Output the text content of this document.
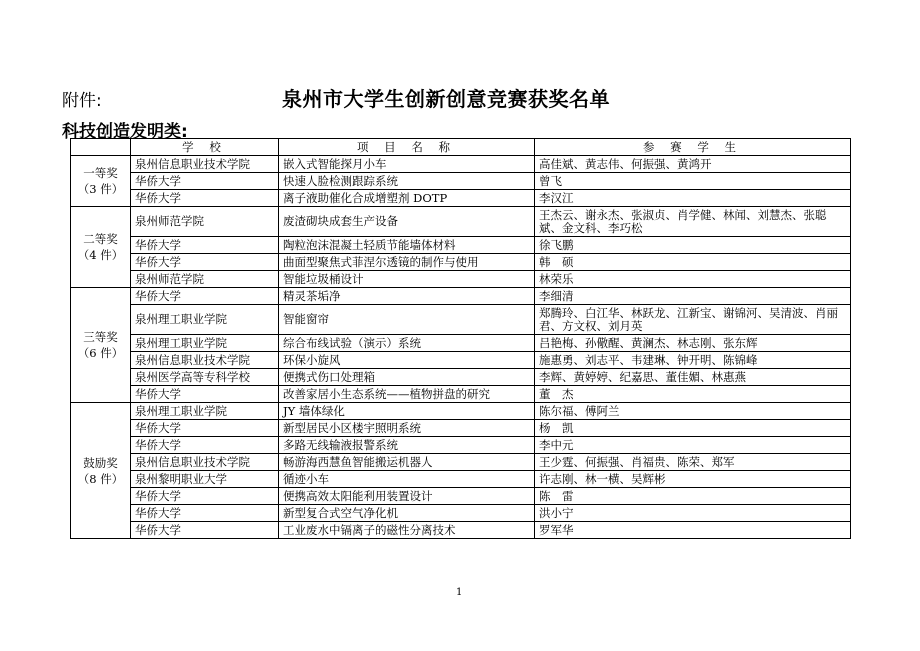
附件:	泉州市大学生创新创意竞赛获奖名单
科技创造发明类:
	学 校	项 目 名 称	参 赛 学 生

一等奖
（3 件）	泉州信息职业技术学院	嵌入式智能探月小车	高佳斌、黄志伟、何振强、黄鸿开
	华侨大学	快速人脸检测跟踪系统	曾飞
	华侨大学	离子液助催化合成增塑剂 DOTP	李汉江

二等奖
（4 件）	泉州师范学院	废渣砌块成套生产设备	王杰云、谢永杰、张淑贞、肖学健、林闻、刘慧杰、张聪斌、金文科、李巧松
	华侨大学	陶粒泡沫混凝土轻质节能墙体材料	徐飞鹏
	华侨大学	曲面型聚焦式菲涅尔透镜的制作与使用	韩　硕
	泉州师范学院	智能垃圾桶设计	林荣乐

三等奖
（6 件）	华侨大学	精灵茶垢净	李细清
	泉州理工职业学院	智能窗帘	郑腾玲、白江华、林跃龙、江新宝、谢锦河、吴清波、肖丽君、方文权、刘月英
	泉州理工职业学院	综合布线试验（演示）系统	吕艳梅、孙儆醒、黄澜杰、林志刚、张东辉
	泉州信息职业技术学院	环保小旋风	施惠勇、刘志平、韦建琳、钟开明、陈锦峰
	泉州医学高等专科学校	便携式伤口处理箱	李辉、黄婷婷、纪嘉思、董佳媚、林惠燕
	华侨大学	改善家居小生态系统——植物拼盘的研究	董　杰

鼓励奖
（8 件）	泉州理工职业学院	JY 墙体绿化	陈尔福、傅阿兰
	华侨大学	新型居民小区楼宇照明系统	杨　凯
	华侨大学	多路无线输液报警系统	李中元
	泉州信息职业技术学院	畅游海西慧鱼智能搬运机器人	王少霆、何振强、肖福贵、陈荣、郑军
	泉州黎明职业大学	循迹小车	许志刚、林一横、吴辉彬
	华侨大学	便携高效太阳能利用装置设计	陈　雷
	华侨大学	新型复合式空气净化机	洪小宁
	华侨大学	工业废水中镉离子的磁性分离技术	罗军华
1
